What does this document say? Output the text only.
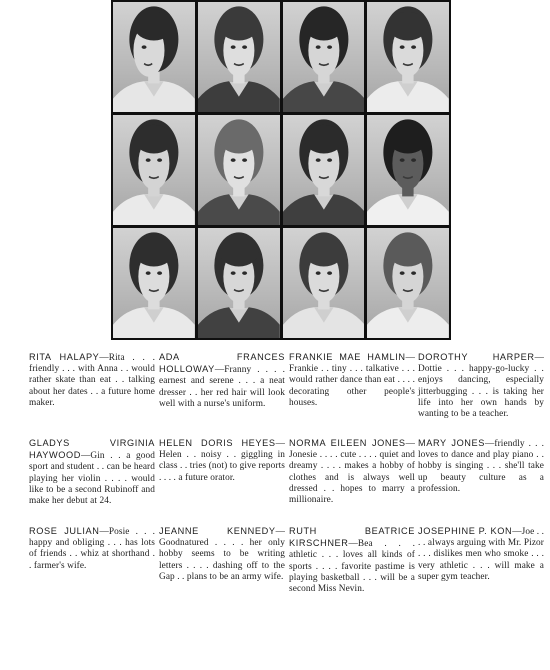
RITA HALAPY—Rita . . . friendly . . . with Anna . . would rather skate than eat . . talking about her dates . . a future home maker.
ADA FRANCES HOLLOWAY—Franny . . . . earnest and serene . . . a neat dresser . . her red hair will look well with a nurse's uniform.
FRANKIE MAE HAMLIN—Frankie . . tiny . . . talkative . . . would rather dance than eat . . . . decorating other people's houses.
DOROTHY HARPER—Dottie . . . happy-go-lucky . . enjoys dancing, especially jitterbugging . . . is taking her life into her own hands by wanting to be a teacher.
GLADYS VIRGINIA HAYWOOD—Gin . . a good sport and student . . can be heard playing her violin . . . . would like to be a second Rubinoff and make her debut at 24.
HELEN DORIS HEYES—Helen . . noisy . . giggling in class . . tries (not) to give reports . . . . a future orator.
NORMA EILEEN JONES—Jonesie . . . . cute . . . . quiet and dreamy . . . . makes a hobby of clothes and is always well dressed . . hopes to marry a millionaire.
MARY JONES—friendly . . . loves to dance and play piano . . hobby is singing . . . she'll take up beauty culture as a profession.
ROSE JULIAN—Posie . . . happy and obliging . . . has lots of friends . . whiz at shorthand . . farmer's wife.
JEANNE KENNEDY—Goodnatured . . . . her only hobby seems to be writing letters . . . . dashing off to the Gap . . plans to be an army wife.
RUTH BEATRICE KIRSCHNER—Bea . . . athletic . . . loves all kinds of sports . . . . favorite pastime is playing basketball . . . will be a second Miss Nevin.
JOSEPHINE P. KON—Joe . . . . always arguing with Mr. Pizor . . . dislikes men who smoke . . . very athletic . . . will make a super gym teacher.
